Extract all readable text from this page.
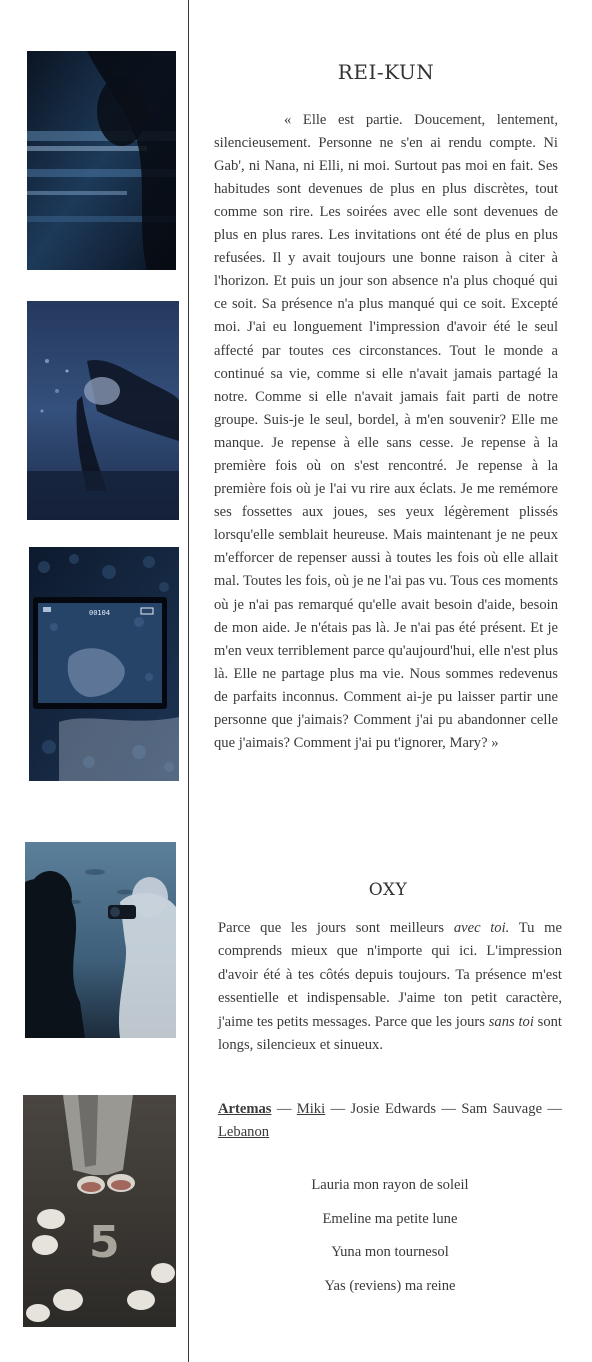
00104
5
REI-KUN

« Elle est partie. Doucement, lentement, silencieusement. Personne ne s'en ai rendu compte. Ni Gab', ni Nana, ni Elli, ni moi. Surtout pas moi en fait. Ses habitudes sont devenues de plus en plus discrètes, tout comme son rire. Les soirées avec elle sont devenues de plus en plus rares. Les invitations ont été de plus en plus refusées. Il y avait toujours une bonne raison à citer à l'horizon. Et puis un jour son absence n'a plus choqué qui ce soit. Sa présence n'a plus manqué qui ce soit. Excepté moi. J'ai eu longuement l'impression d'avoir été le seul affecté par toutes ces circonstances. Tout le monde a continué sa vie, comme si elle n'avait jamais partagé la notre. Comme si elle n'avait jamais fait parti de notre groupe. Suis-je le seul, bordel, à m'en souvenir? Elle me manque. Je repense à elle sans cesse. Je repense à la première fois où on s'est rencontré. Je repense à la première fois où je l'ai vu rire aux éclats. Je me remémore ses fossettes aux joues, ses yeux légèrement plissés lorsqu'elle semblait heureuse. Mais maintenant je ne peux m'efforcer de repenser aussi à toutes les fois où elle allait mal. Toutes les fois, où je ne l'ai pas vu. Tous ces moments où je n'ai pas remarqué qu'elle avait besoin d'aide, besoin de mon aide. Je n'étais pas là. Je n'ai pas été présent. Et je m'en veux terriblement parce qu'aujourd'hui, elle n'est plus là. Elle ne partage plus ma vie. Nous sommes redevenus de parfaits inconnus. Comment ai-je pu laisser partir une personne que j'aimais? Comment j'ai pu abandonner celle que j'aimais? Comment j'ai pu t'ignorer, Mary? »

OXY

Parce que les jours sont meilleurs avec toi. Tu me comprends mieux que n'importe qui ici. L'impression d'avoir été à tes côtés depuis toujours. Ta présence m'est essentielle et indispensable. J'aime ton petit caractère, j'aime tes petits messages. Parce que les jours sans toi sont longs, silencieux et sinueux.

Artemas — Miki — Josie Edwards — Sam Sauvage — Lebanon

Lauria mon rayon de soleil
Emeline ma petite lune
Yuna mon tournesol
Yas (reviens) ma reine
